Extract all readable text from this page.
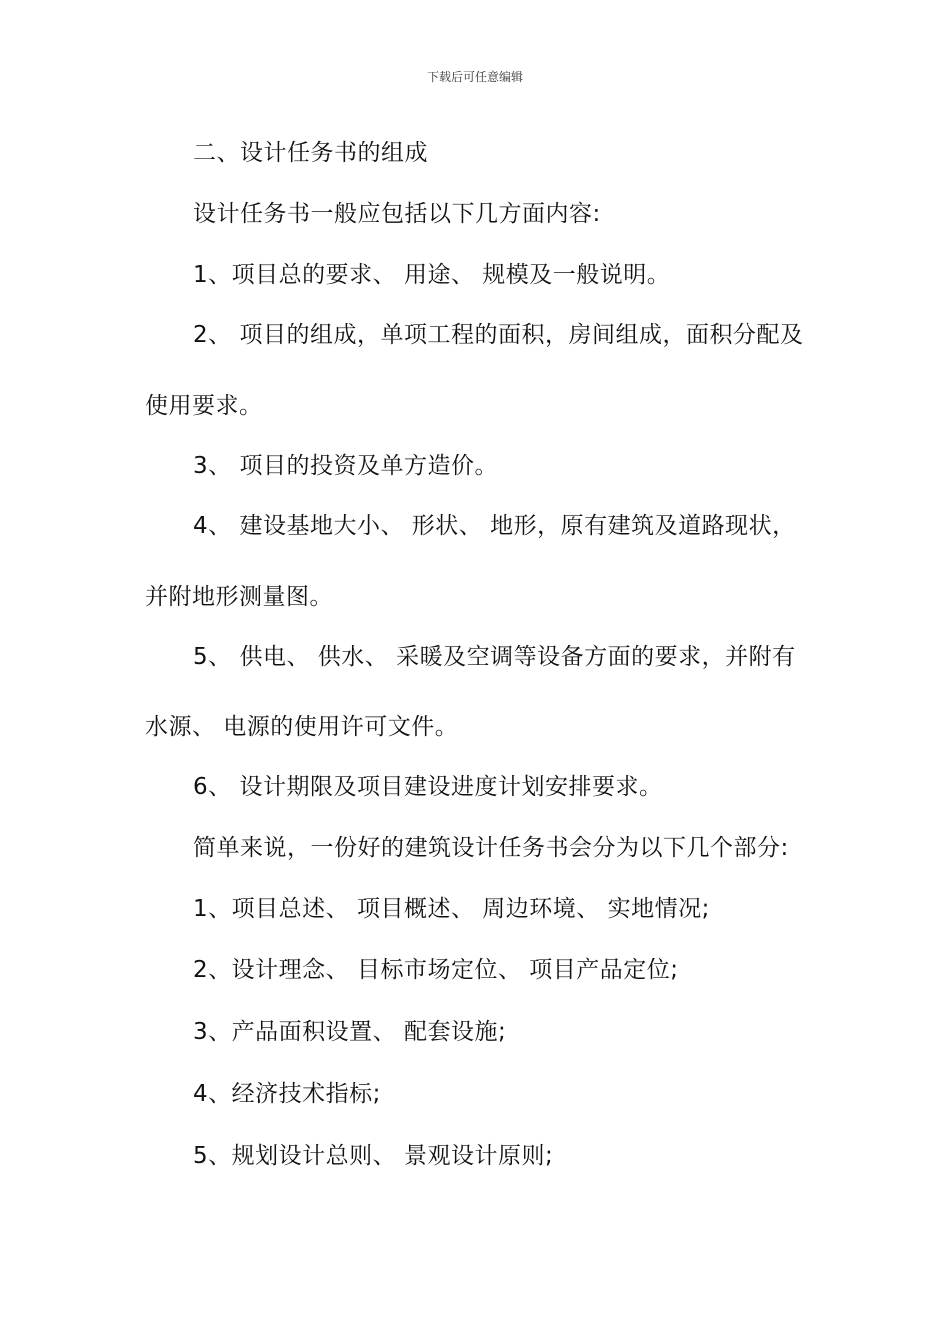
下载后可任意编辑
二、设计任务书的组成
设计任务书一般应包括以下几方面内容:
1、项目总的要求、 用途、 规模及一般说明。
2、 项目的组成，单项工程的面积，房间组成，面积分配及
使用要求。
3、 项目的投资及单方造价。
4、 建设基地大小、 形状、 地形，原有建筑及道路现状，
并附地形测量图。
5、 供电、 供水、 采暖及空调等设备方面的要求，并附有
水源、 电源的使用许可文件。
6、 设计期限及项目建设进度计划安排要求。
简单来说，一份好的建筑设计任务书会分为以下几个部分:
1、项目总述、 项目概述、 周边环境、 实地情况;
2、设计理念、 目标市场定位、 项目产品定位;
3、产品面积设置、 配套设施;
4、经济技术指标;
5、规划设计总则、 景观设计原则;
